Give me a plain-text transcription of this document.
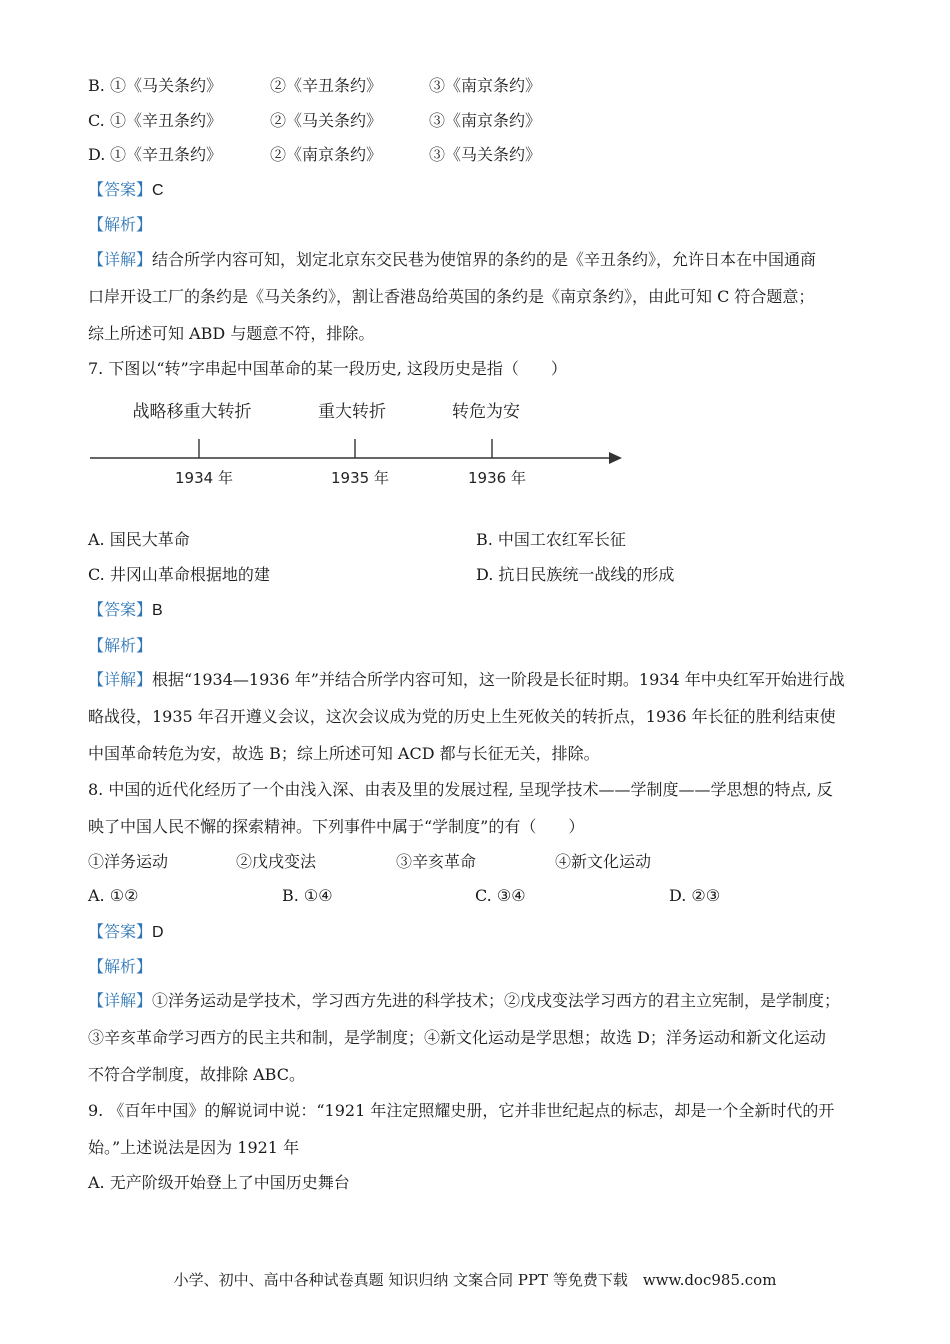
B. ①《马关条约》	②《辛丑条约》	③《南京条约》
C. ①《辛丑条约》	②《马关条约》	③《南京条约》
D. ①《辛丑条约》	②《南京条约》	③《马关条约》
【答案】C
【解析】
【详解】结合所学内容可知，划定北京东交民巷为使馆界的条约的是《辛丑条约》，允许日本在中国通商
口岸开设工厂的条约是《马关条约》，割让香港岛给英国的条约是《南京条约》，由此可知 C 符合题意；
综上所述可知 ABD 与题意不符，排除。
7. 下图以“转”字串起中国革命的某一段历史, 这段历史是指（　　）
战略移重大转折	重大转折	转危为安
1934 年	1935 年	1936 年
A. 国民大革命	B. 中国工农红军长征
C. 井冈山革命根据地的建	D. 抗日民族统一战线的形成
【答案】B
【解析】
【详解】根据“1934—1936 年”并结合所学内容可知，这一阶段是长征时期。1934 年中央红军开始进行战
略战役，1935 年召开遵义会议，这次会议成为党的历史上生死攸关的转折点，1936 年长征的胜利结束使
中国革命转危为安，故选 B；综上所述可知 ACD 都与长征无关，排除。
8. 中国的近代化经历了一个由浅入深、由表及里的发展过程, 呈现学技术——学制度——学思想的特点, 反
映了中国人民不懈的探索精神。下列事件中属于“学制度”的有（　　）
①洋务运动	②戊戌变法	③辛亥革命	④新文化运动
A. ①②	B. ①④	C. ③④	D. ②③
【答案】D
【解析】
【详解】①洋务运动是学技术，学习西方先进的科学技术；②戊戌变法学习西方的君主立宪制，是学制度；
③辛亥革命学习西方的民主共和制，是学制度；④新文化运动是学思想；故选 D；洋务运动和新文化运动
不符合学制度，故排除 ABC。
9. 《百年中国》的解说词中说：“1921 年注定照耀史册，它并非世纪起点的标志，却是一个全新时代的开
始。”上述说法是因为 1921 年
A. 无产阶级开始登上了中国历史舞台
小学、初中、高中各种试卷真题 知识归纳 文案合同 PPT 等免费下载　www.doc985.com
